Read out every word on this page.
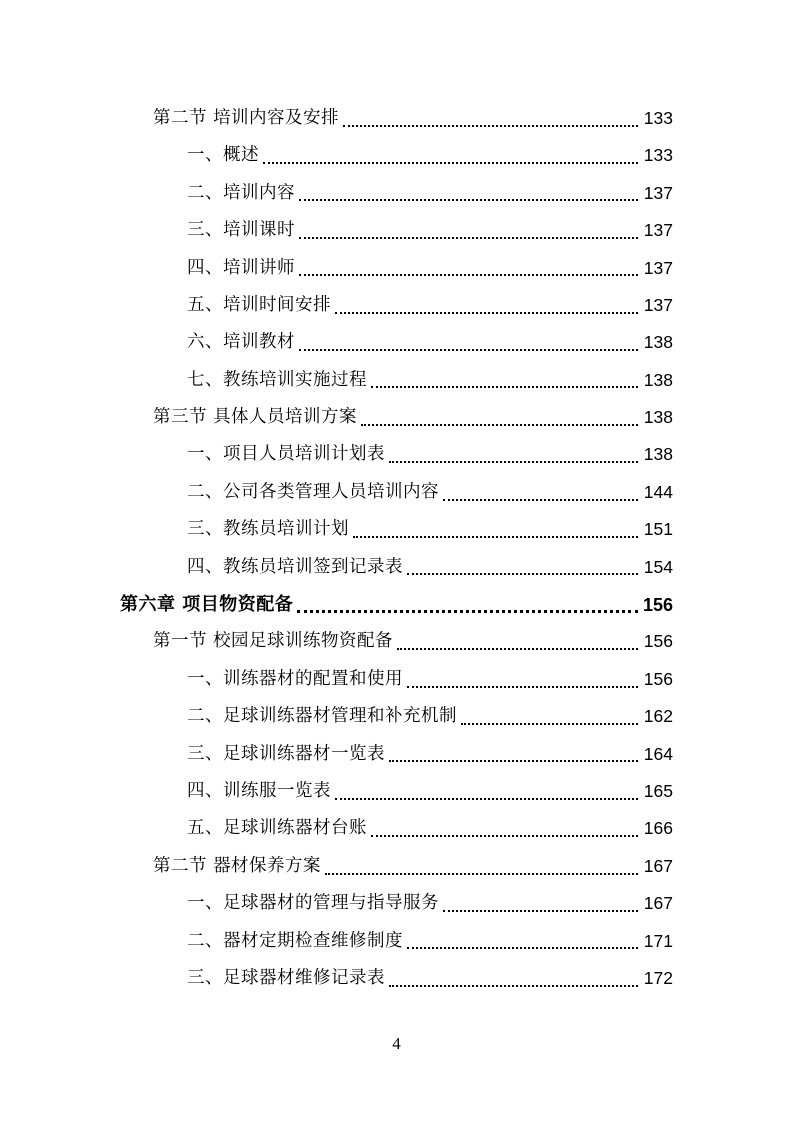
第二节 培训内容及安排	133
一、概述	133
二、培训内容	137
三、培训课时	137
四、培训讲师	137
五、培训时间安排	137
六、培训教材	138
七、教练培训实施过程	138
第三节 具体人员培训方案	138
一、项目人员培训计划表	138
二、公司各类管理人员培训内容	144
三、教练员培训计划	151
四、教练员培训签到记录表	154
第六章 项目物资配备	156
第一节 校园足球训练物资配备	156
一、训练器材的配置和使用	156
二、足球训练器材管理和补充机制	162
三、足球训练器材一览表	164
四、训练服一览表	165
五、足球训练器材台账	166
第二节 器材保养方案	167
一、足球器材的管理与指导服务	167
二、器材定期检查维修制度	171
三、足球器材维修记录表	172
4
